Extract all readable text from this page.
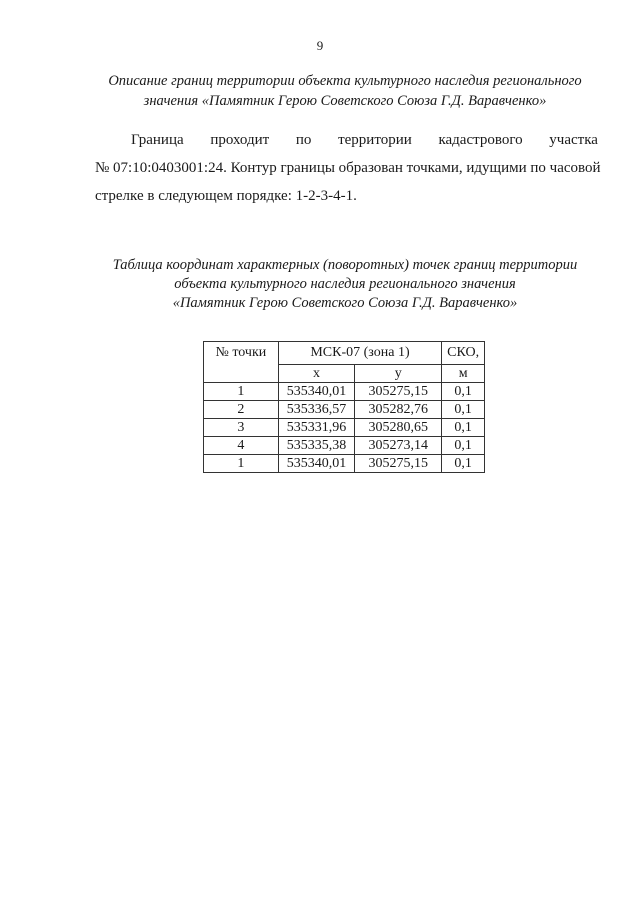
9
Описание границ территории объекта культурного наследия регионального
значения «Памятник Герою Советского Союза Г.Д. Варавченко»
Граница проходит по территории кадастрового участка
№ 07:10:0403001:24. Контур границы образован точками, идущими по часовой
стрелке в следующем порядке: 1-2-3-4-1.
Таблица координат характерных (поворотных) точек границ территории
объекта культурного наследия регионального значения
«Памятник Герою Советского Союза Г.Д. Варавченко»
№ точки	МСК-07 (зона 1)		СКО,
	x	y	м
1	535340,01	305275,15	0,1
2	535336,57	305282,76	0,1
3	535331,96	305280,65	0,1
4	535335,38	305273,14	0,1
1	535340,01	305275,15	0,1
